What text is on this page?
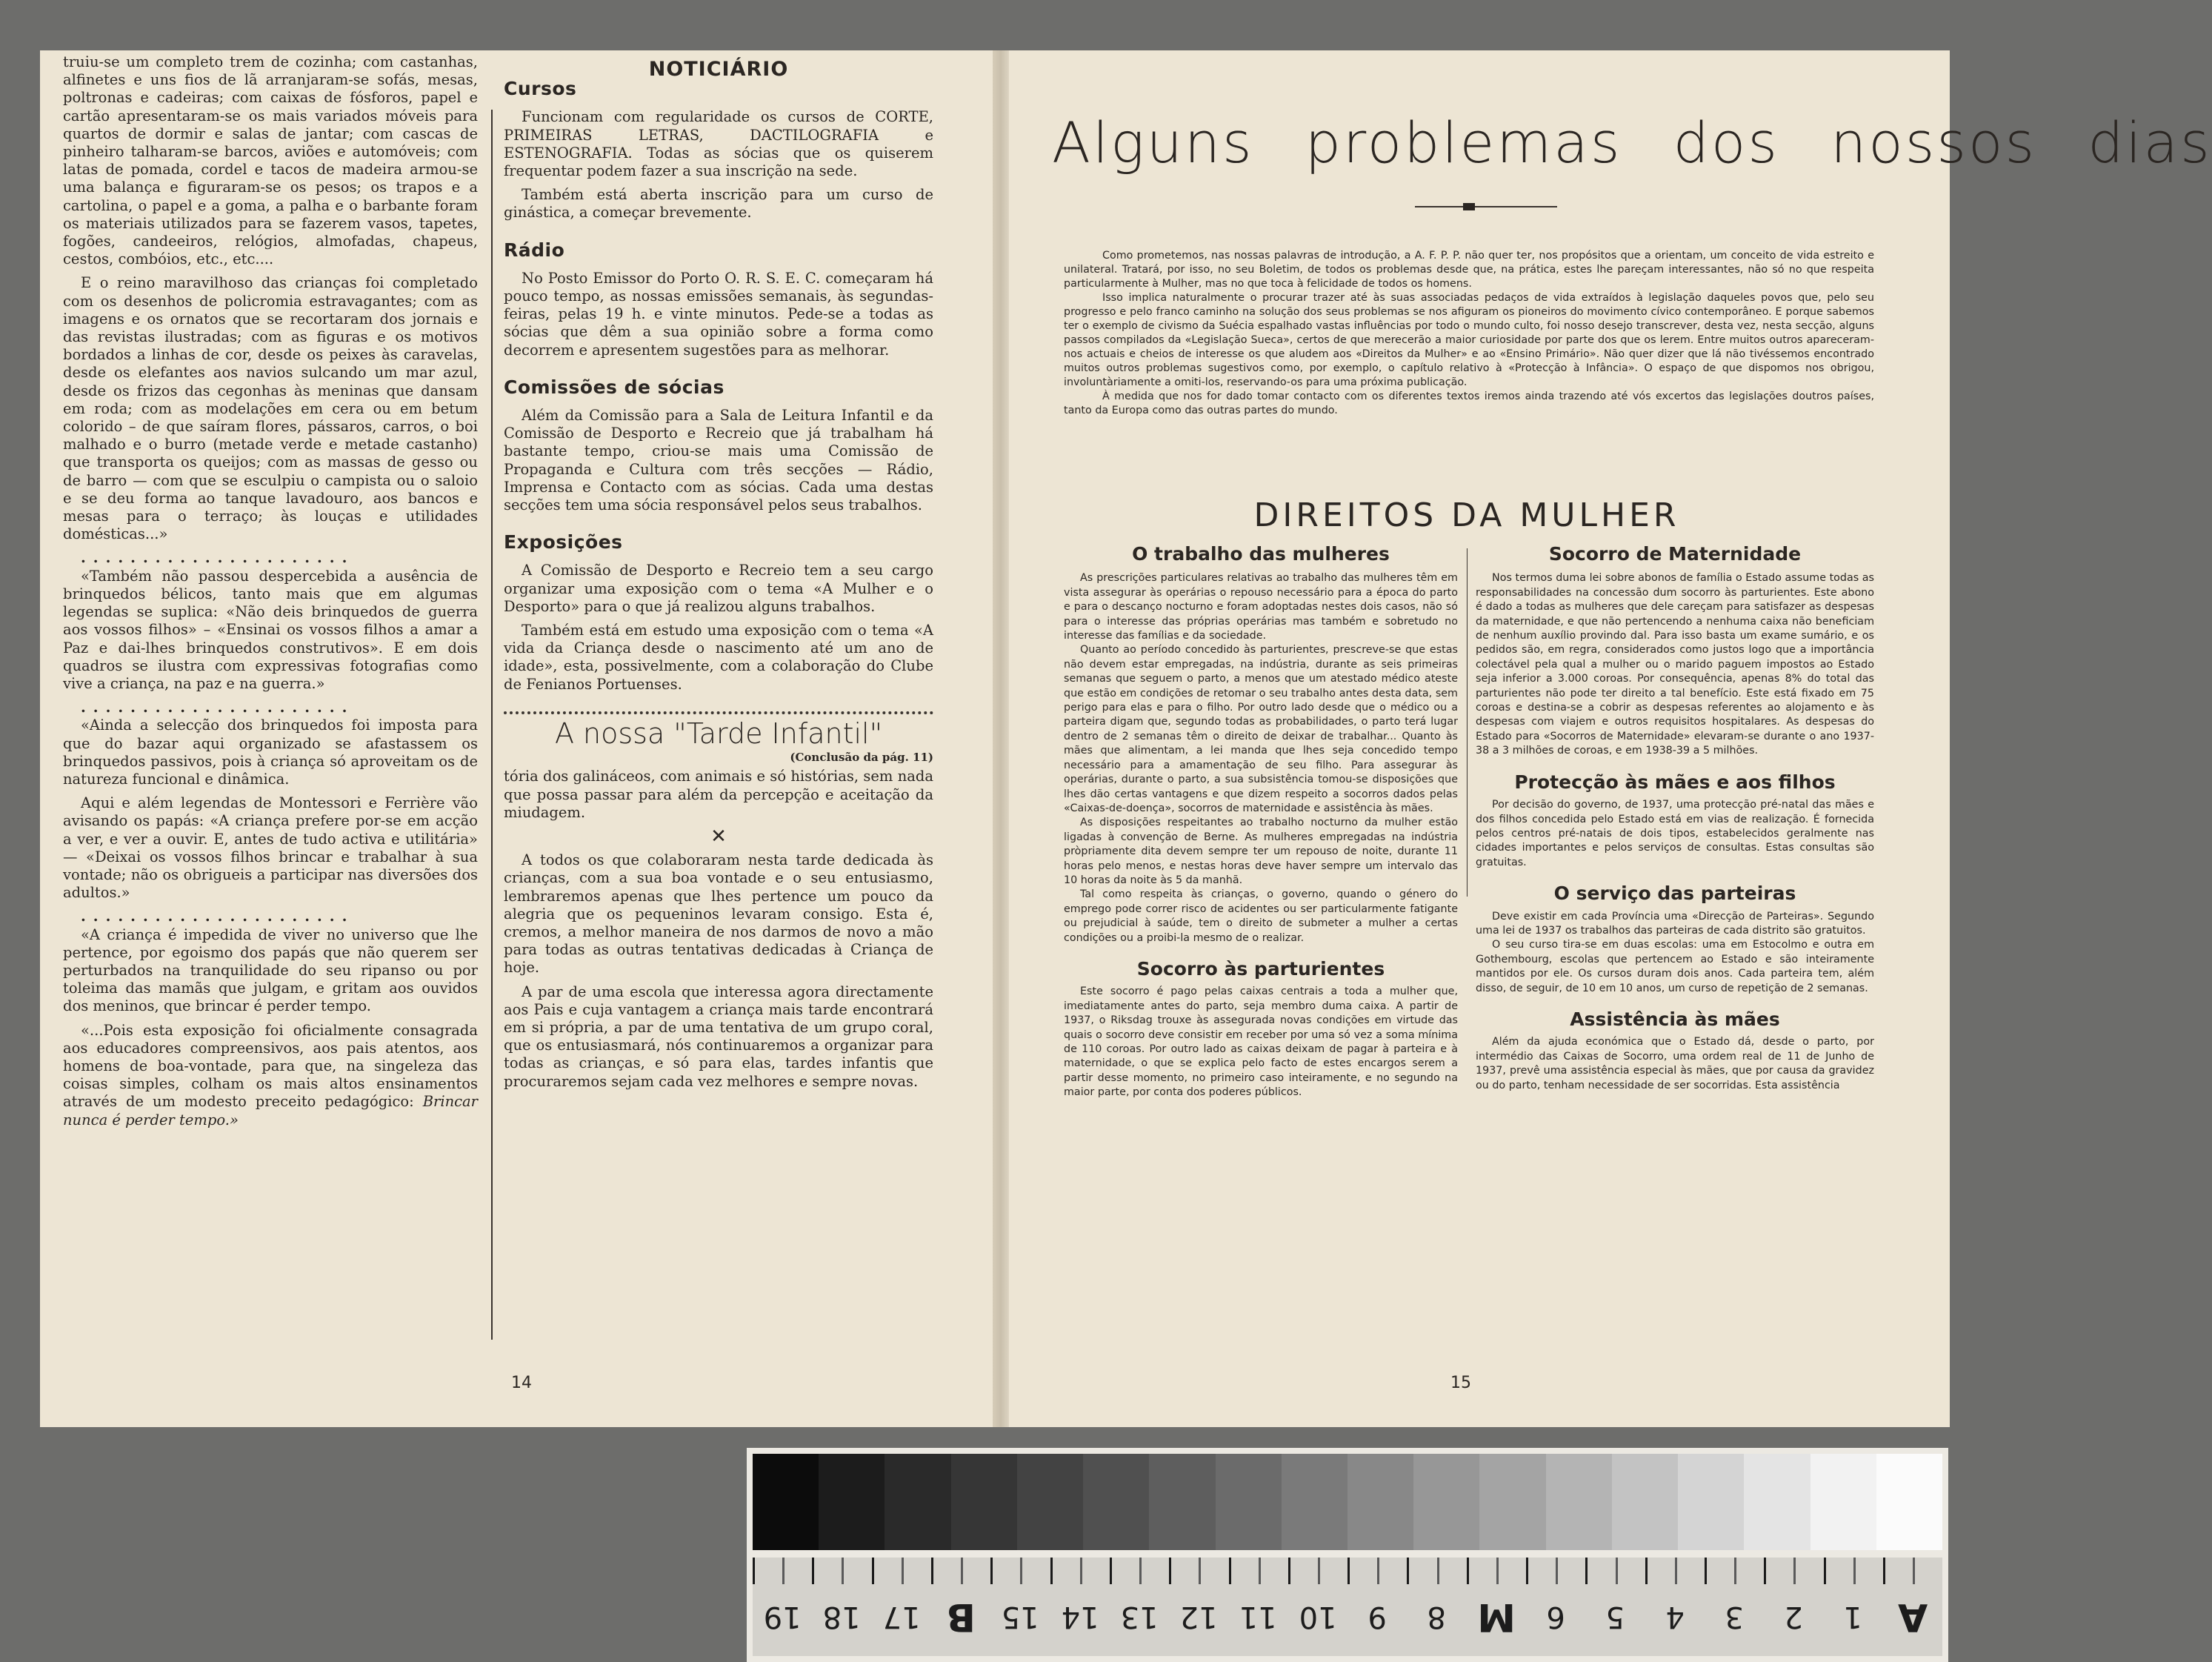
truiu-se um completo trem de cozinha; com castanhas, alfinetes e uns fios de lã arranjaram-se sofás, mesas, poltronas e cadeiras; com caixas de fósforos, papel e cartão apresentaram-se os mais variados móveis para quartos de dormir e salas de jantar; com cascas de pinheiro talharam-se barcos, aviões e automóveis; com latas de pomada, cordel e tacos de madeira armou-se uma balança e figuraram-se os pesos; os trapos e a cartolina, o papel e a goma, a palha e o barbante foram os materiais utilizados para se fazerem vasos, tapetes, fogões, candeeiros, relógios, almofadas, chapeus, cestos, combóios, etc., etc....

E o reino maravilhoso das crianças foi completado com os desenhos de policromia estravagantes; com as imagens e os ornatos que se recortaram dos jornais e das revistas ilustradas; com as figuras e os motivos bordados a linhas de cor, desde os peixes às caravelas, desde os elefantes aos navios sulcando um mar azul, desde os frizos das cegonhas às meninas que dansam em roda; com as modelações em cera ou em betum colorido – de que saíram flores, pássaros, carros, o boi malhado e o burro (metade verde e metade castanho) que transporta os queijos; com as massas de gesso ou de barro — com que se esculpiu o campista ou o saloio e se deu forma ao tanque lavadouro, aos bancos e mesas para o terraço; às louças e utilidades domésticas...»

......................

«Também não passou despercebida a ausência de brinquedos bélicos, tanto mais que em algumas legendas se suplica: «Não deis brinquedos de guerra aos vossos filhos» – «Ensinai os vossos filhos a amar a Paz e dai-lhes brinquedos construtivos». E em dois quadros se ilustra com expressivas fotografias como vive a criança, na paz e na guerra.»

......................

«Ainda a selecção dos brinquedos foi imposta para que do bazar aqui organizado se afastassem os brinquedos passivos, pois à criança só aproveitam os de natureza funcional e dinâmica.

Aqui e além legendas de Montessori e Ferrière vão avisando os papás: «A criança prefere por-se em acção a ver, e ver a ouvir. E, antes de tudo activa e utilitária» — «Deixai os vossos filhos brincar e trabalhar à sua vontade; não os obrigueis a participar nas diversões dos adultos.»

......................

«A criança é impedida de viver no universo que lhe pertence, por egoismo dos papás que não querem ser perturbados na tranquilidade do seu ripanso ou por toleima das mamãs que julgam, e gritam aos ouvidos dos meninos, que brincar é perder tempo.

«...Pois esta exposição foi oficialmente consagrada aos educadores compreensivos, aos pais atentos, aos homens de boa-vontade, para que, na singeleza das coisas simples, colham os mais altos ensinamentos através de um modesto preceito pedagógico: Brincar nunca é perder tempo.»

NOTICIÁRIO
Cursos

Funcionam com regularidade os cursos de CORTE, PRIMEIRAS LETRAS, DACTILOGRAFIA e ESTENOGRAFIA. Todas as sócias que os quiserem frequentar podem fazer a sua inscrição na sede.

Também está aberta inscrição para um curso de ginástica, a começar brevemente.

Rádio

No Posto Emissor do Porto O. R. S. E. C. começaram há pouco tempo, as nossas emissões semanais, às segundas-feiras, pelas 19 h. e vinte minutos. Pede-se a todas as sócias que dêm a sua opinião sobre a forma como decorrem e apresentem sugestões para as melhorar.

Comissões de sócias

Além da Comissão para a Sala de Leitura Infantil e da Comissão de Desporto e Recreio que já trabalham há bastante tempo, criou-se mais uma Comissão de Propaganda e Cultura com três secções — Rádio, Imprensa e Contacto com as sócias. Cada uma destas secções tem uma sócia responsável pelos seus trabalhos.

Exposições

A Comissão de Desporto e Recreio tem a seu cargo organizar uma exposição com o tema «A Mulher e o Desporto» para o que já realizou alguns trabalhos.

Também está em estudo uma exposição com o tema «A vida da Criança desde o nascimento até um ano de idade», esta, possivelmente, com a colaboração do Clube de Fenianos Portuenses.

A nossa "Tarde Infantil"
(Conclusão da pág. 11)

tória dos galináceos, com animais e só histórias, sem nada que possa passar para além da percepção e aceitação da miudagem.

✕

A todos os que colaboraram nesta tarde dedicada às crianças, com a sua boa vontade e o seu entusiasmo, lembraremos apenas que lhes pertence um pouco da alegria que os pequeninos levaram consigo. Esta é, cremos, a melhor maneira de nos darmos de novo a mão para todas as outras tentativas dedicadas à Criança de hoje.

A par de uma escola que interessa agora directamente aos Pais e cuja vantagem a criança mais tarde encontrará em si própria, a par de uma tentativa de um grupo coral, que os entusiasmará, nós continuaremos a organizar para todas as crianças, e só para elas, tardes infantis que procuraremos sejam cada vez melhores e sempre novas.

14
Alguns problemas dos nossos dias

Como prometemos, nas nossas palavras de introdução, a A. F. P. P. não quer ter, nos propósitos que a orientam, um conceito de vida estreito e unilateral. Tratará, por isso, no seu Boletim, de todos os problemas desde que, na prática, estes lhe pareçam interessantes, não só no que respeita particularmente à Mulher, mas no que toca à felicidade de todos os homens.

Isso implica naturalmente o procurar trazer até às suas associadas pedaços de vida extraídos à legislação daqueles povos que, pelo seu progresso e pelo franco caminho na solução dos seus problemas se nos afiguram os pioneiros do movimento cívico contemporâneo. E porque sabemos ter o exemplo de civismo da Suécia espalhado vastas influências por todo o mundo culto, foi nosso desejo transcrever, desta vez, nesta secção, alguns passos compilados da «Legislação Sueca», certos de que merecerão a maior curiosidade por parte dos que os lerem. Entre muitos outros apareceram-nos actuais e cheios de interesse os que aludem aos «Direitos da Mulher» e ao «Ensino Primário». Não quer dizer que lá não tivéssemos encontrado muitos outros problemas sugestivos como, por exemplo, o capítulo relativo à «Protecção à Infância». O espaço de que dispomos nos obrigou, involuntàriamente a omiti-los, reservando-os para uma próxima publicação.

À medida que nos for dado tomar contacto com os diferentes textos iremos ainda trazendo até vós excertos das legislações doutros países, tanto da Europa como das outras partes do mundo.

DIREITOS DA MULHER
O trabalho das mulheres

As prescrições particulares relativas ao trabalho das mulheres têm em vista assegurar às operárias o repouso necessário para a época do parto e para o descanço nocturno e foram adoptadas nestes dois casos, não só para o interesse das próprias operárias mas também e sobretudo no interesse das famílias e da sociedade.

Quanto ao período concedido às parturientes, prescreve-se que estas não devem estar empregadas, na indústria, durante as seis primeiras semanas que seguem o parto, a menos que um atestado médico ateste que estão em condições de retomar o seu trabalho antes desta data, sem perigo para elas e para o filho. Por outro lado desde que o médico ou a parteira digam que, segundo todas as probabilidades, o parto terá lugar dentro de 2 semanas têm o direito de deixar de trabalhar... Quanto às mães que alimentam, a lei manda que lhes seja concedido tempo necessário para a amamentação de seu filho. Para assegurar às operárias, durante o parto, a sua subsistência tomou-se disposições que lhes dão certas vantagens e que dizem respeito a socorros dados pelas «Caixas-de-doença», socorros de maternidade e assistência às mães.

As disposições respeitantes ao trabalho nocturno da mulher estão ligadas à convenção de Berne. As mulheres empregadas na indústria pròpriamente dita devem sempre ter um repouso de noite, durante 11 horas pelo menos, e nestas horas deve haver sempre um intervalo das 10 horas da noite às 5 da manhã.

Tal como respeita às crianças, o governo, quando o género do emprego pode correr risco de acidentes ou ser particularmente fatigante ou prejudicial à saúde, tem o direito de submeter a mulher a certas condições ou a proibi-la mesmo de o realizar.

Socorro às parturientes

Este socorro é pago pelas caixas centrais a toda a mulher que, imediatamente antes do parto, seja membro duma caixa. A partir de 1937, o Riksdag trouxe às assegurada novas condições em virtude das quais o socorro deve consistir em receber por uma só vez a soma mínima de 110 coroas. Por outro lado as caixas deixam de pagar à parteira e à maternidade, o que se explica pelo facto de estes encargos serem a partir desse momento, no primeiro caso inteiramente, e no segundo na maior parte, por conta dos poderes públicos.

Socorro de Maternidade

Nos termos duma lei sobre abonos de família o Estado assume todas as responsabilidades na concessão dum socorro às parturientes. Este abono é dado a todas as mulheres que dele careçam para satisfazer as despesas da maternidade, e que não pertencendo a nenhuma caixa não beneficiam de nenhum auxílio provindo dal. Para isso basta um exame sumário, e os pedidos são, em regra, considerados como justos logo que a importância colectável pela qual a mulher ou o marido paguem impostos ao Estado seja inferior a 3.000 coroas. Por consequência, apenas 8% do total das parturientes não pode ter direito a tal benefício. Este está fixado em 75 coroas e destina-se a cobrir as despesas referentes ao alojamento e às despesas com viajem e outros requisitos hospitalares. As despesas do Estado para «Socorros de Maternidade» elevaram-se durante o ano 1937-38 a 3 milhões de coroas, e em 1938-39 a 5 milhões.

Protecção às mães e aos filhos

Por decisão do governo, de 1937, uma protecção pré-natal das mães e dos filhos concedida pelo Estado está em vias de realização. É fornecida pelos centros pré-natais de dois tipos, estabelecidos geralmente nas cidades importantes e pelos serviços de consultas. Estas consultas são gratuitas.

O serviço das parteiras

Deve existir em cada Província uma «Direcção de Parteiras». Segundo uma lei de 1937 os trabalhos das parteiras de cada distrito são gratuitos.

O seu curso tira-se em duas escolas: uma em Estocolmo e outra em Gothembourg, escolas que pertencem ao Estado e são inteiramente mantidos por ele. Os cursos duram dois anos. Cada parteira tem, além disso, de seguir, de 10 em 10 anos, um curso de repetição de 2 semanas.

Assistência às mães

Além da ajuda económica que o Estado dá, desde o parto, por intermédio das Caixas de Socorro, uma ordem real de 11 de Junho de 1937, prevê uma assistência especial às mães, que por causa da gravidez ou do parto, tenham necessidade de ser socorridas. Esta assistência

15
A
1
2
3
4
5
6
M
8
9
10
11
12
13
14
15
B
17
18
19
